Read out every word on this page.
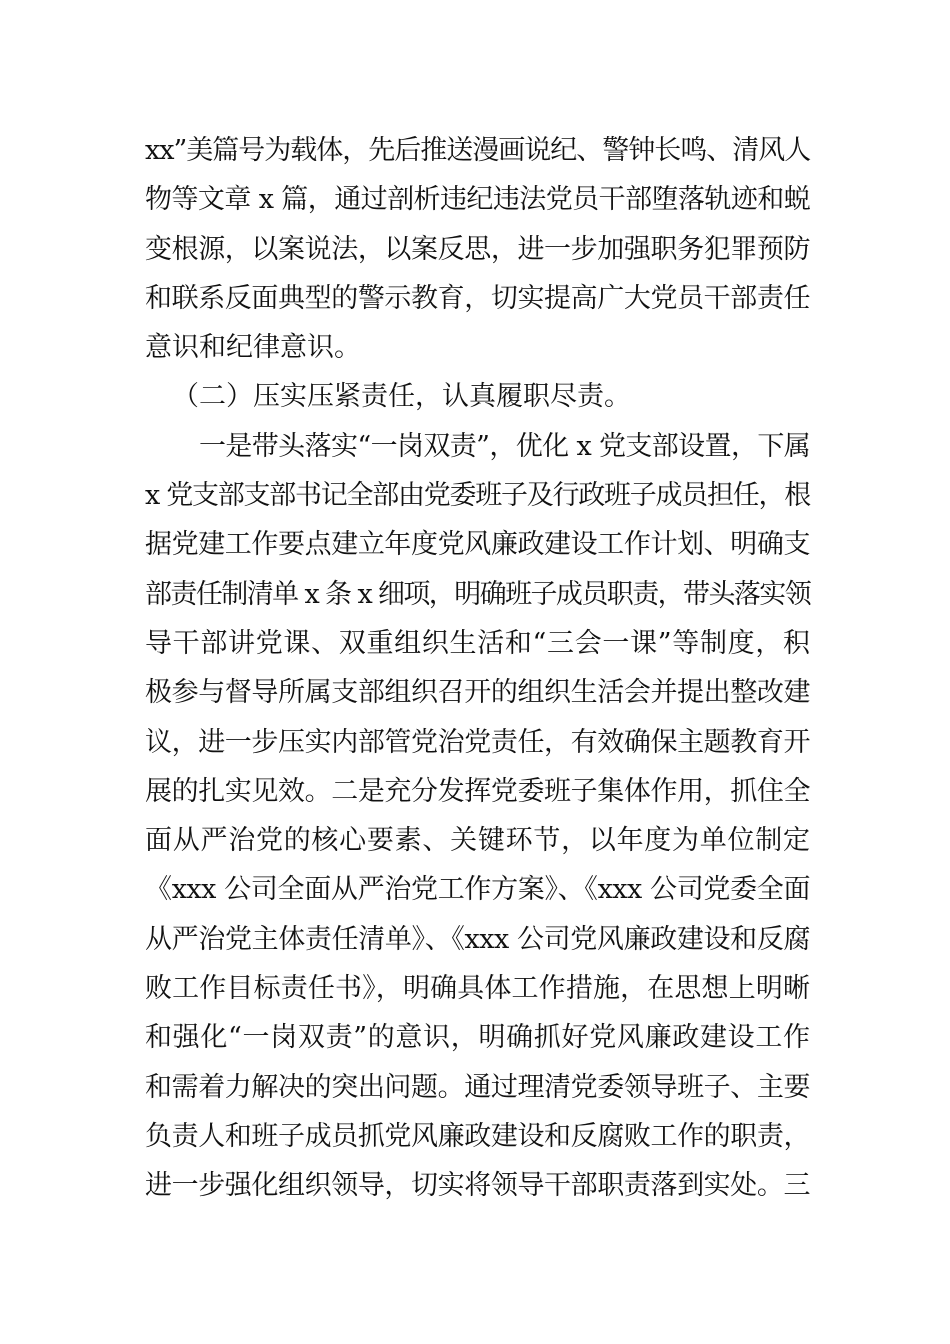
xx”美篇号为载体，先后推送漫画说纪、警钟长鸣、清风人
物等文章 x 篇，通过剖析违纪违法党员干部堕落轨迹和蜕
变根源，以案说法，以案反思，进一步加强职务犯罪预防
和联系反面典型的警示教育，切实提高广大党员干部责任
意识和纪律意识。
（二）压实压紧责任，认真履职尽责。
一是带头落实“一岗双责”，优化 x 党支部设置，下属
x 党支部支部书记全部由党委班子及行政班子成员担任，根
据党建工作要点建立年度党风廉政建设工作计划、明确支
部责任制清单 x 条 x 细项，明确班子成员职责，带头落实领
导干部讲党课、双重组织生活和“三会一课”等制度，积
极参与督导所属支部组织召开的组织生活会并提出整改建
议，进一步压实内部管党治党责任，有效确保主题教育开
展的扎实见效。二是充分发挥党委班子集体作用，抓住全
面从严治党的核心要素、关键环节，以年度为单位制定
《xxx 公司全面从严治党工作方案》、《xxx 公司党委全面
从严治党主体责任清单》、《xxx 公司党风廉政建设和反腐
败工作目标责任书》，明确具体工作措施，在思想上明晰
和强化“一岗双责”的意识，明确抓好党风廉政建设工作
和需着力解决的突出问题。通过理清党委领导班子、主要
负责人和班子成员抓党风廉政建设和反腐败工作的职责，
进一步强化组织领导，切实将领导干部职责落到实处。三
